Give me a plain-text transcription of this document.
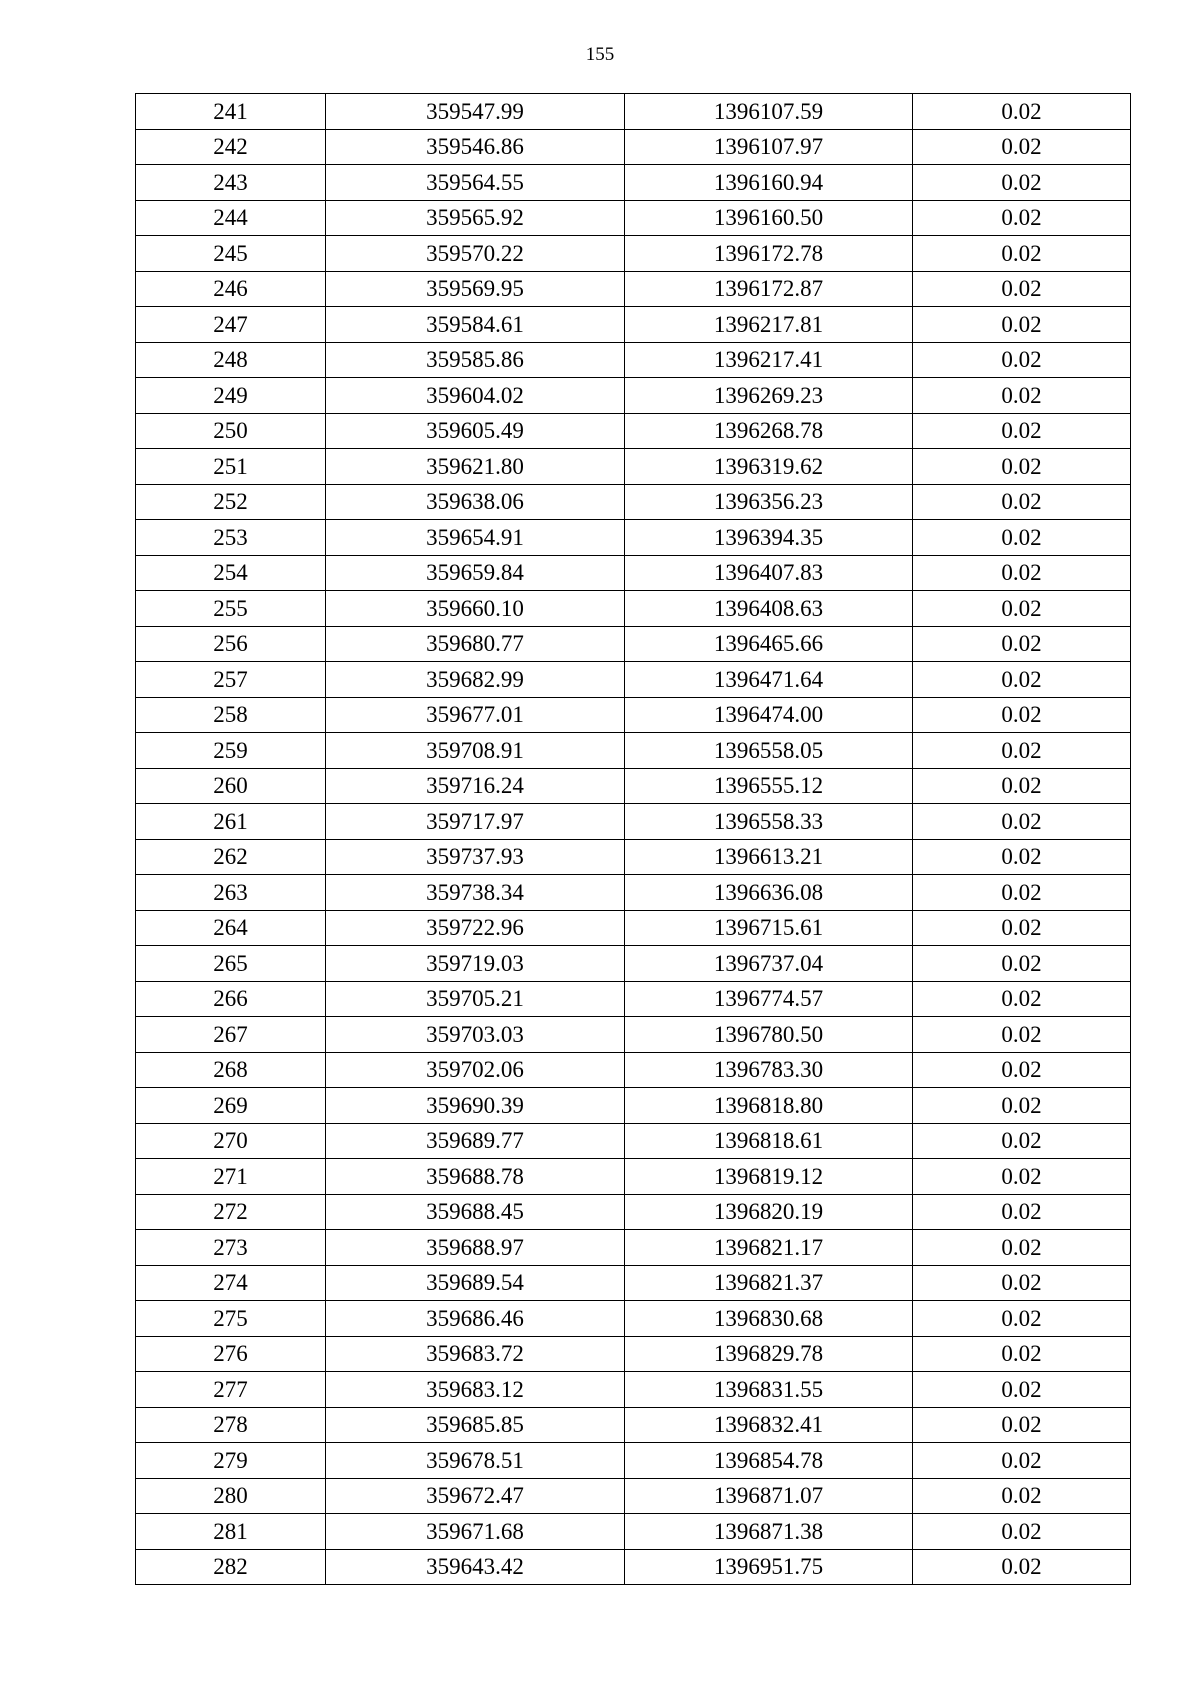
155
241	359547.99	1396107.59	0.02
242	359546.86	1396107.97	0.02
243	359564.55	1396160.94	0.02
244	359565.92	1396160.50	0.02
245	359570.22	1396172.78	0.02
246	359569.95	1396172.87	0.02
247	359584.61	1396217.81	0.02
248	359585.86	1396217.41	0.02
249	359604.02	1396269.23	0.02
250	359605.49	1396268.78	0.02
251	359621.80	1396319.62	0.02
252	359638.06	1396356.23	0.02
253	359654.91	1396394.35	0.02
254	359659.84	1396407.83	0.02
255	359660.10	1396408.63	0.02
256	359680.77	1396465.66	0.02
257	359682.99	1396471.64	0.02
258	359677.01	1396474.00	0.02
259	359708.91	1396558.05	0.02
260	359716.24	1396555.12	0.02
261	359717.97	1396558.33	0.02
262	359737.93	1396613.21	0.02
263	359738.34	1396636.08	0.02
264	359722.96	1396715.61	0.02
265	359719.03	1396737.04	0.02
266	359705.21	1396774.57	0.02
267	359703.03	1396780.50	0.02
268	359702.06	1396783.30	0.02
269	359690.39	1396818.80	0.02
270	359689.77	1396818.61	0.02
271	359688.78	1396819.12	0.02
272	359688.45	1396820.19	0.02
273	359688.97	1396821.17	0.02
274	359689.54	1396821.37	0.02
275	359686.46	1396830.68	0.02
276	359683.72	1396829.78	0.02
277	359683.12	1396831.55	0.02
278	359685.85	1396832.41	0.02
279	359678.51	1396854.78	0.02
280	359672.47	1396871.07	0.02
281	359671.68	1396871.38	0.02
282	359643.42	1396951.75	0.02
